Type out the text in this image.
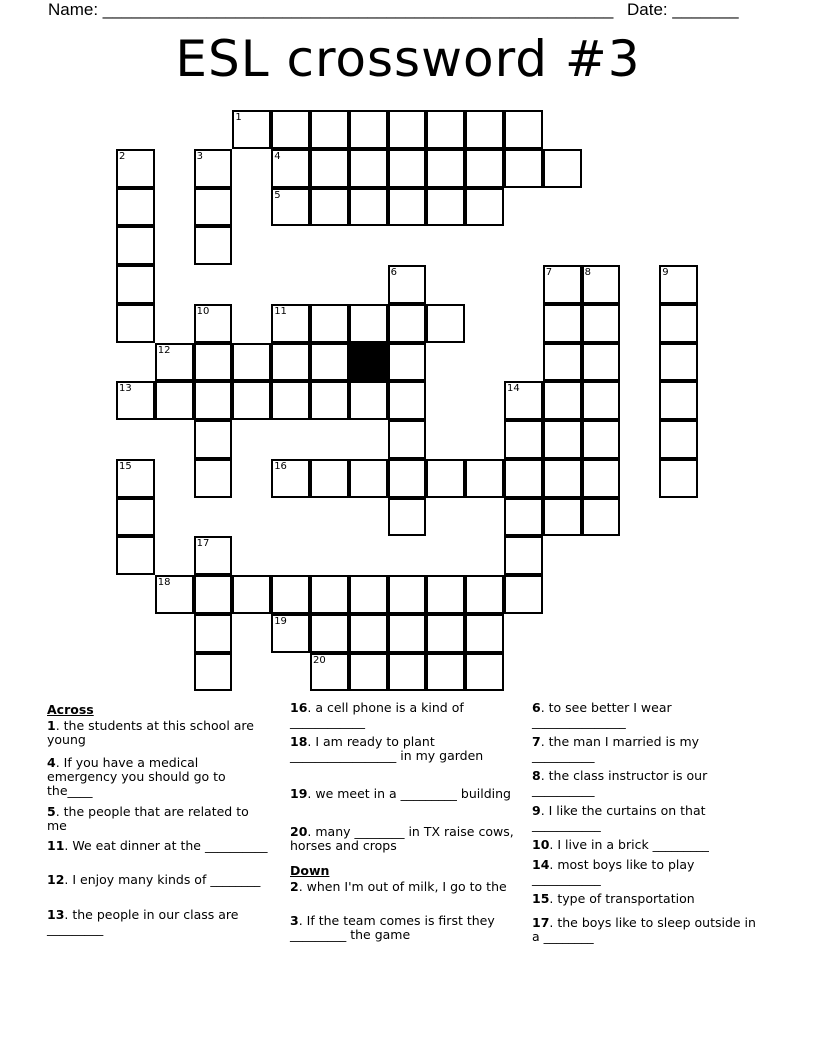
Name: ______________________________________________________ Date: _______
ESL crossword #3
1
2	3	4
5
6	7	8	9
10	11
12
13	14
15	16
17
18
19
20
Across
Down
1. the students at this school are young
4. If you have a medical emergency you should go to the____
5. the people that are related to me
11. We eat dinner at the __________
12. I enjoy many kinds of ________
13. the people in our class are _________
16. a cell phone is a kind of ____________
18. I am ready to plant _________________ in my garden
19. we meet in a _________ building
20. many ________ in TX raise cows, horses and crops
2. when I'm out of milk, I go to the
3. If the team comes is first they _________ the game
6. to see better I wear _______________
7. the man I married is my __________
8. the class instructor is our __________
9. I like the curtains on that ___________
10. I live in a brick _________
14. most boys like to play ___________
15. type of transportation
17. the boys like to sleep outside in a ________
